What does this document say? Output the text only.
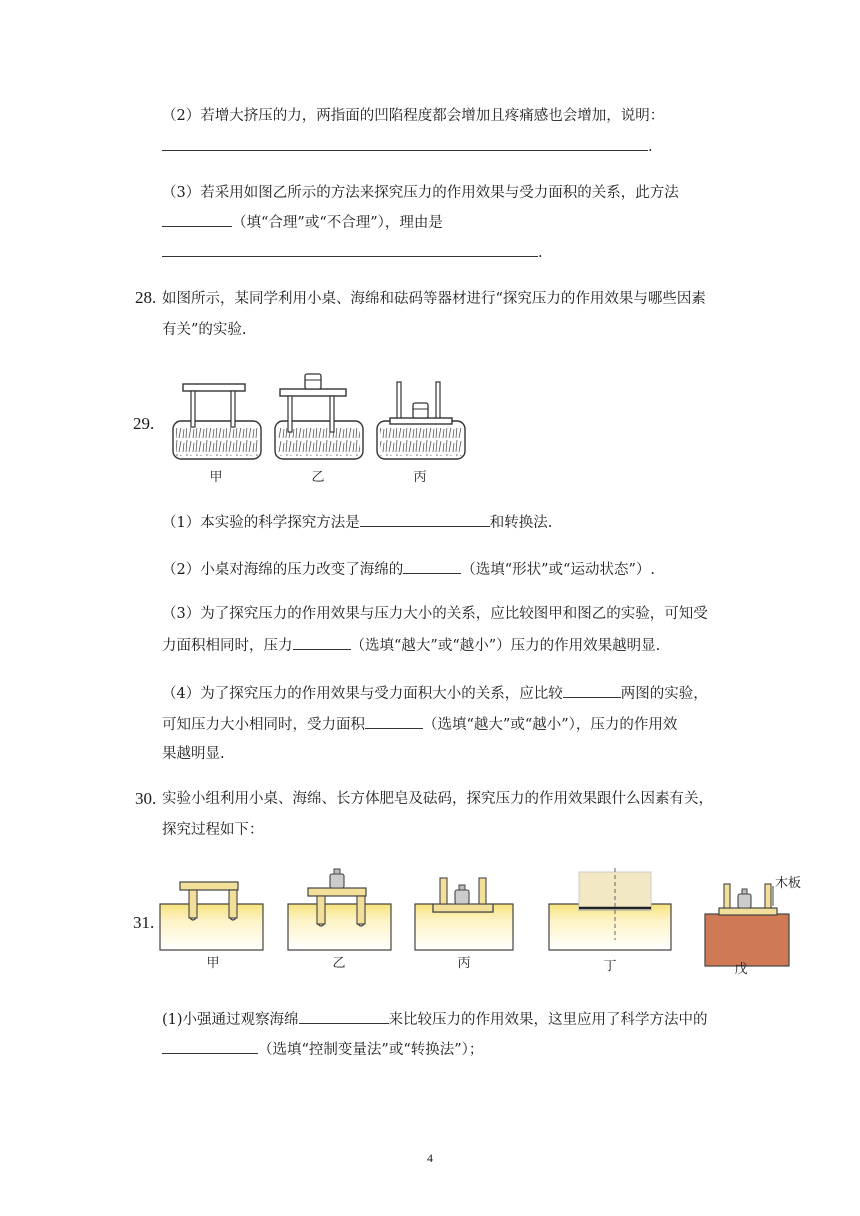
（2）若增大挤压的力，两指面的凹陷程度都会增加且疼痛感也会增加，说明：
.
（3）若采用如图乙所示的方法来探究压力的作用效果与受力面积的关系，此方法
（填“合理”或“不合理”），理由是
.
28. 如图所示，某同学利用小桌、海绵和砝码等器材进行“探究压力的作用效果与哪些因素
有关”的实验.
29.
甲	乙	丙
（1）本实验的科学探究方法是	和转换法.
（2）小桌对海绵的压力改变了海绵的	（选填“形状”或“运动状态”）.
（3）为了探究压力的作用效果与压力大小的关系，应比较图甲和图乙的实验，可知受
力面积相同时，压力	（选填“越大”或“越小”）压力的作用效果越明显.
（4）为了探究压力的作用效果与受力面积大小的关系，应比较	两图的实验，
可知压力大小相同时，受力面积	（选填“越大”或“越小”），压力的作用效
果越明显.
30. 实验小组利用小桌、海绵、长方体肥皂及砝码，探究压力的作用效果跟什么因素有关，
探究过程如下：
31.
木板
甲	乙	丙	丁	戊
(1)小强通过观察海绵	来比较压力的作用效果，这里应用了科学方法中的
（选填“控制变量法”或“转换法”）；
4
